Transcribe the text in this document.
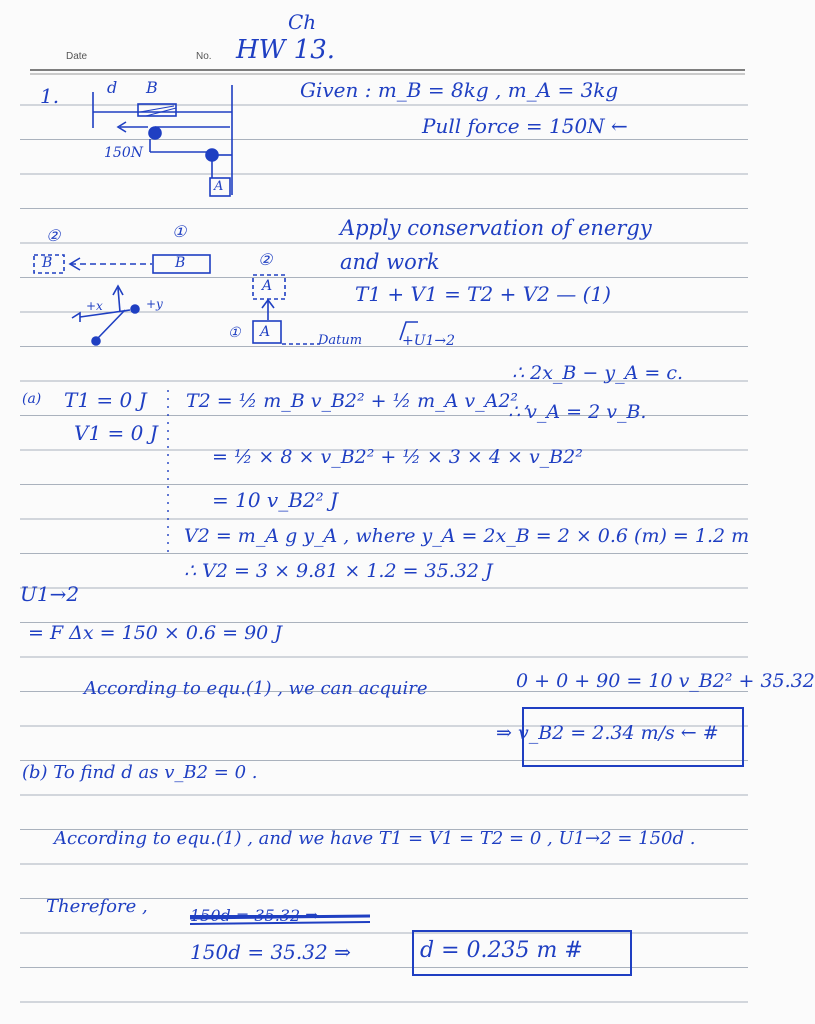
Date	No.
Ch
HW 13.
1.	d B
150N
A
Given : m_B = 8kg , m_A = 3kg
Pull force = 150N ←
②	①
B	B	②
A
① A
Datum	+U1→2
+x	+y
Apply conservation of energy
and work
T1 + V1 = T2 + V2 — (1)
∴ 2x_B − y_A = c.
∴ v_A = 2 v_B.
(a) T1 = 0 J
V1 = 0 J
T2 = ½ m_B v_B2² + ½ m_A v_A2² ,
= ½ × 8 × v_B2² + ½ × 3 × 4 × v_B2²
= 10 v_B2² J
V2 = m_A g y_A , where y_A = 2x_B = 2 × 0.6 (m) = 1.2 m
∴ V2 = 3 × 9.81 × 1.2 = 35.32 J
U1→2
= F Δx = 150 × 0.6 = 90 J
According to equ.(1) , we can acquire	0 + 0 + 90 = 10 v_B2² + 35.32
⇒ v_B2 = 2.34 m/s ← #
(b) To find d as v_B2 = 0 .
According to equ.(1) , and we have T1 = V1 = T2 = 0 , U1→2 = 150d .
Therefore ,	150d = 35.32 ⇒
150d = 35.32 ⇒	d = 0.235 m #
